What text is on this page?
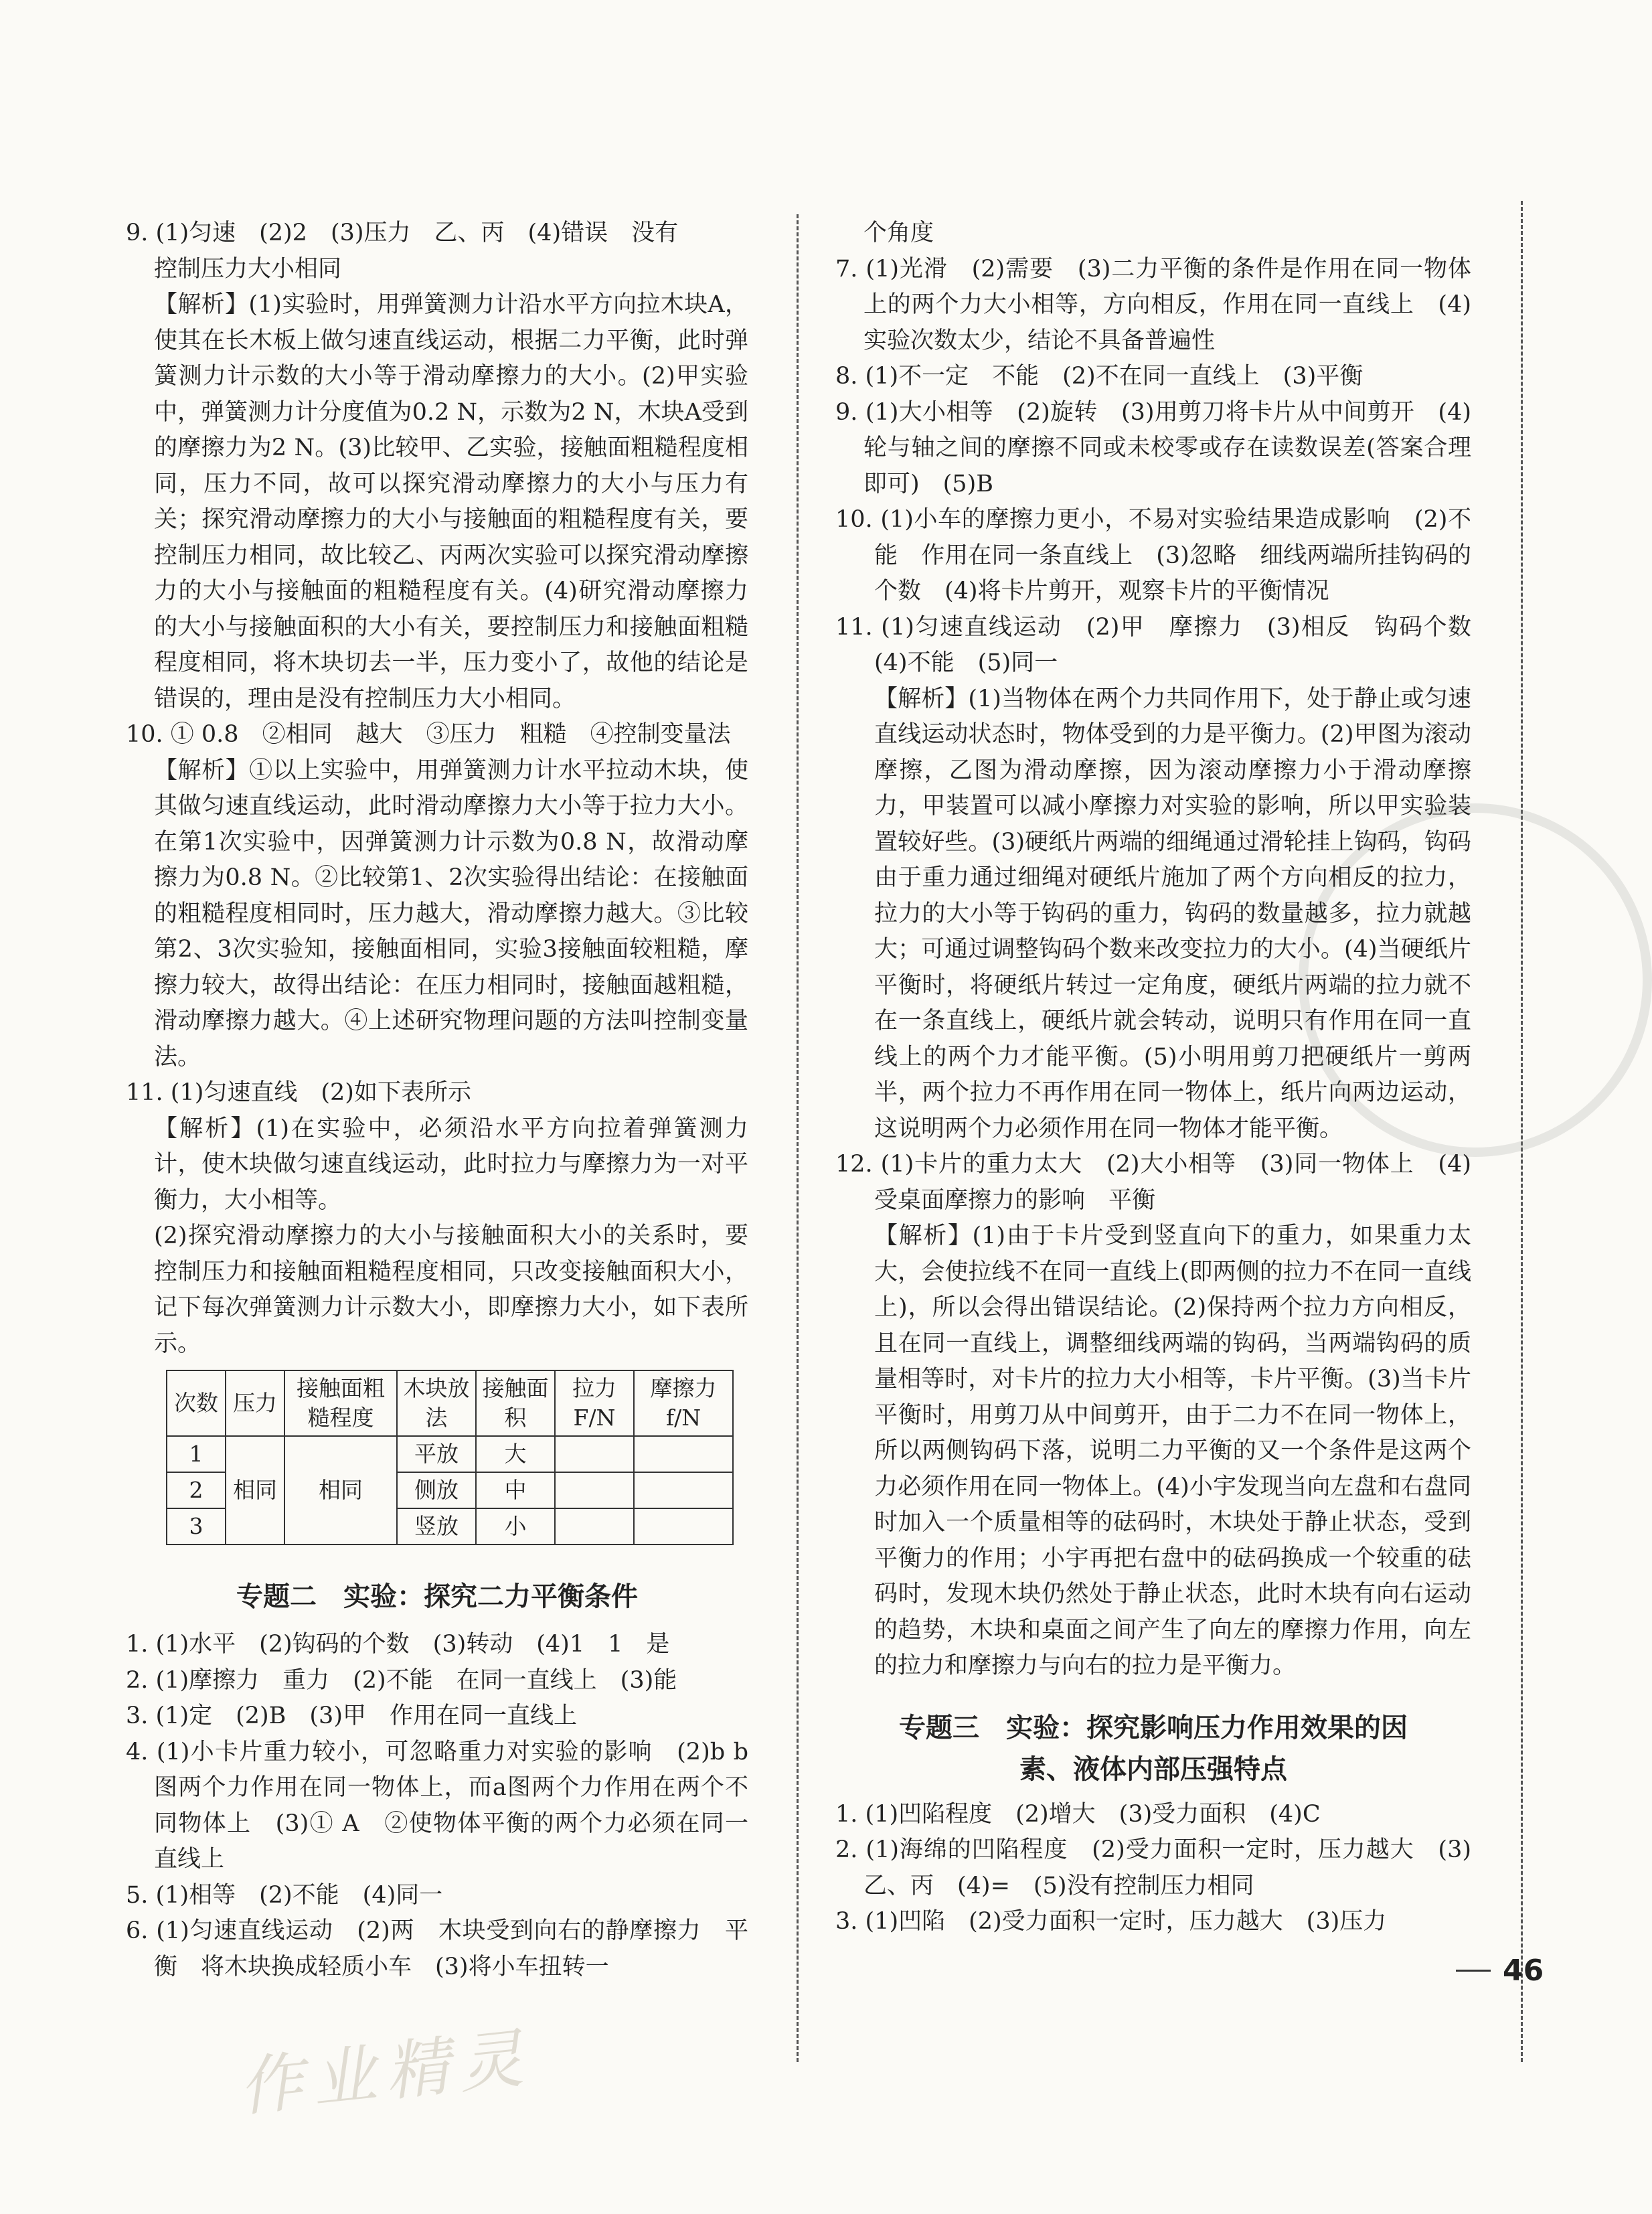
9. (1)匀速　(2)2　(3)压力　乙、丙　(4)错误　没有

控制压力大小相同

【解析】(1)实验时，用弹簧测力计沿水平方向拉木块A，使其在长木板上做匀速直线运动，根据二力平衡，此时弹簧测力计示数的大小等于滑动摩擦力的大小。(2)甲实验中，弹簧测力计分度值为0.2 N，示数为2 N，木块A受到的摩擦力为2 N。(3)比较甲、乙实验，接触面粗糙程度相同，压力不同，故可以探究滑动摩擦力的大小与压力有关；探究滑动摩擦力的大小与接触面的粗糙程度有关，要控制压力相同，故比较乙、丙两次实验可以探究滑动摩擦力的大小与接触面的粗糙程度有关。(4)研究滑动摩擦力的大小与接触面积的大小有关，要控制压力和接触面粗糙程度相同，将木块切去一半，压力变小了，故他的结论是错误的，理由是没有控制压力大小相同。

10. ① 0.8　②相同　越大　③压力　粗糙　④控制变量法

【解析】①以上实验中，用弹簧测力计水平拉动木块，使其做匀速直线运动，此时滑动摩擦力大小等于拉力大小。在第1次实验中，因弹簧测力计示数为0.8 N，故滑动摩擦力为0.8 N。②比较第1、2次实验得出结论：在接触面的粗糙程度相同时，压力越大，滑动摩擦力越大。③比较第2、3次实验知，接触面相同，实验3接触面较粗糙，摩擦力较大，故得出结论：在压力相同时，接触面越粗糙，滑动摩擦力越大。④上述研究物理问题的方法叫控制变量法。

11. (1)匀速直线　(2)如下表所示

【解析】(1)在实验中，必须沿水平方向拉着弹簧测力计，使木块做匀速直线运动，此时拉力与摩擦力为一对平衡力，大小相等。

(2)探究滑动摩擦力的大小与接触面积大小的关系时，要控制压力和接触面粗糙程度相同，只改变接触面积大小，记下每次弹簧测力计示数大小，即摩擦力大小，如下表所示。

次数	压力	接触面粗糙程度	木块放法	接触面积	拉力F/N	摩擦力f/N
1	相同	相同	平放	大		
2			侧放	中		
3			竖放	小		

专题二　实验：探究二力平衡条件

1. (1)水平　(2)钩码的个数　(3)转动　(4)1　1　是

2. (1)摩擦力　重力　(2)不能　在同一直线上　(3)能

3. (1)定　(2)B　(3)甲　作用在同一直线上

4. (1)小卡片重力较小，可忽略重力对实验的影响　(2)b b图两个力作用在同一物体上，而a图两个力作用在两个不同物体上　(3)① A　②使物体平衡的两个力必须在同一直线上

5. (1)相等　(2)不能　(4)同一

6. (1)匀速直线运动　(2)两　木块受到向右的静摩擦力　平衡　将木块换成轻质小车　(3)将小车扭转一

个角度

7. (1)光滑　(2)需要　(3)二力平衡的条件是作用在同一物体上的两个力大小相等，方向相反，作用在同一直线上　(4)实验次数太少，结论不具备普遍性

8. (1)不一定　不能　(2)不在同一直线上　(3)平衡

9. (1)大小相等　(2)旋转　(3)用剪刀将卡片从中间剪开　(4)轮与轴之间的摩擦不同或未校零或存在读数误差(答案合理即可)　(5)B

10. (1)小车的摩擦力更小，不易对实验结果造成影响　(2)不能　作用在同一条直线上　(3)忽略　细线两端所挂钩码的个数　(4)将卡片剪开，观察卡片的平衡情况

11. (1)匀速直线运动　(2)甲　摩擦力　(3)相反　钩码个数　(4)不能　(5)同一

【解析】(1)当物体在两个力共同作用下，处于静止或匀速直线运动状态时，物体受到的力是平衡力。(2)甲图为滚动摩擦，乙图为滑动摩擦，因为滚动摩擦力小于滑动摩擦力，甲装置可以减小摩擦力对实验的影响，所以甲实验装置较好些。(3)硬纸片两端的细绳通过滑轮挂上钩码，钩码由于重力通过细绳对硬纸片施加了两个方向相反的拉力，拉力的大小等于钩码的重力，钩码的数量越多，拉力就越大；可通过调整钩码个数来改变拉力的大小。(4)当硬纸片平衡时，将硬纸片转过一定角度，硬纸片两端的拉力就不在一条直线上，硬纸片就会转动，说明只有作用在同一直线上的两个力才能平衡。(5)小明用剪刀把硬纸片一剪两半，两个拉力不再作用在同一物体上，纸片向两边运动，这说明两个力必须作用在同一物体才能平衡。

12. (1)卡片的重力太大　(2)大小相等　(3)同一物体上　(4)受桌面摩擦力的影响　平衡

【解析】(1)由于卡片受到竖直向下的重力，如果重力太大，会使拉线不在同一直线上(即两侧的拉力不在同一直线上)，所以会得出错误结论。(2)保持两个拉力方向相反，且在同一直线上，调整细线两端的钩码，当两端钩码的质量相等时，对卡片的拉力大小相等，卡片平衡。(3)当卡片平衡时，用剪刀从中间剪开，由于二力不在同一物体上，所以两侧钩码下落，说明二力平衡的又一个条件是这两个力必须作用在同一物体上。(4)小宇发现当向左盘和右盘同时加入一个质量相等的砝码时，木块处于静止状态，受到平衡力的作用；小宇再把右盘中的砝码换成一个较重的砝码时，发现木块仍然处于静止状态，此时木块有向右运动的趋势，木块和桌面之间产生了向左的摩擦力作用，向左的拉力和摩擦力与向右的拉力是平衡力。

专题三　实验：探究影响压力作用效果的因

素、液体内部压强特点

1. (1)凹陷程度　(2)增大　(3)受力面积　(4)C

2. (1)海绵的凹陷程度　(2)受力面积一定时，压力越大　(3)乙、丙　(4)=　(5)没有控制压力相同

3. (1)凹陷　(2)受力面积一定时，压力越大　(3)压力

46
作业精灵
